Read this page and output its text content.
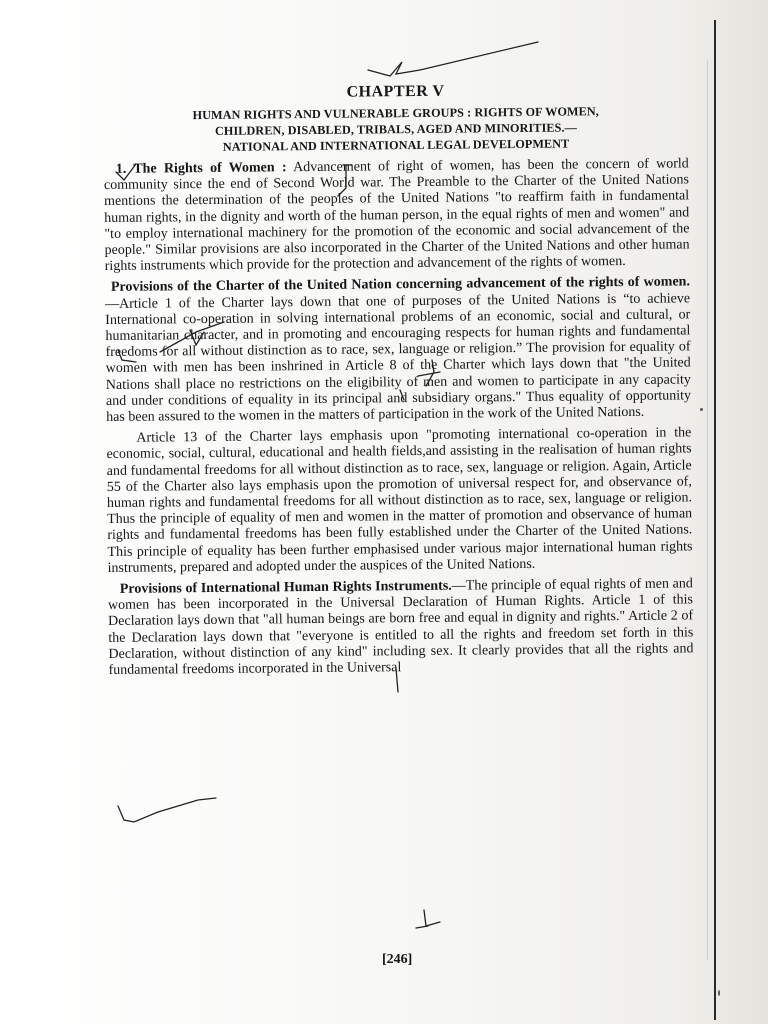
CHAPTER V
HUMAN RIGHTS AND VULNERABLE GROUPS : RIGHTS OF WOMEN,
CHILDREN, DISABLED, TRIBALS, AGED AND MINORITIES.—
NATIONAL AND INTERNATIONAL LEGAL DEVELOPMENT

1. The Rights of Women : Advancement of right of women, has been the concern of world community since the end of Second World war. The Preamble to the Charter of the United Nations mentions the determination of the peoples of the United Nations "to reaffirm faith in fundamental human rights, in the dignity and worth of the human person, in the equal rights of men and women" and "to employ international machinery for the promotion of the economic and social advancement of the people." Similar provisions are also incorporated in the Charter of the United Nations and other human rights instruments which provide for the protection and advancement of the rights of women.

Provisions of the Charter of the United Nation concerning advancement of the rights of women.—Article 1 of the Charter lays down that one of purposes of the United Nations is “to achieve International co-operation in solving international problems of an economic, social and cultural, or humanitarian character, and in promoting and encouraging respects for human rights and fundamental freedoms for all without distinction as to race, sex, language or religion.” The provision for equality of women with men has been inshrined in Article 8 of the Charter which lays down that "the United Nations shall place no restrictions on the eligibility of men and women to participate in any capacity and under conditions of equality in its principal and subsidiary organs." Thus equality of opportunity has been assured to the women in the matters of participation in the work of the United Nations.

Article 13 of the Charter lays emphasis upon "promoting international co-operation in the economic, social, cultural, educational and health fields,and assisting in the realisation of human rights and fundamental freedoms for all without distinction as to race, sex, language or religion. Again, Article 55 of the Charter also lays emphasis upon the promotion of universal respect for, and observance of, human rights and fundamental freedoms for all without distinction as to race, sex, language or religion. Thus the principle of equality of men and women in the matter of promotion and observance of human rights and fundamental freedoms has been fully established under the Charter of the United Nations. This principle of equality has been further emphasised under various major international human rights instruments, prepared and adopted under the auspices of the United Nations.

Provisions of International Human Rights Instruments.—The principle of equal rights of men and women has been incorporated in the Universal Declaration of Human Rights. Article 1 of this Declaration lays down that "all human beings are born free and equal in dignity and rights." Article 2 of the Declaration lays down that "everyone is entitled to all the rights and freedom set forth in this Declaration, without distinction of any kind" including sex. It clearly provides that all the rights and fundamental freedoms incorporated in the Universal

[246]
